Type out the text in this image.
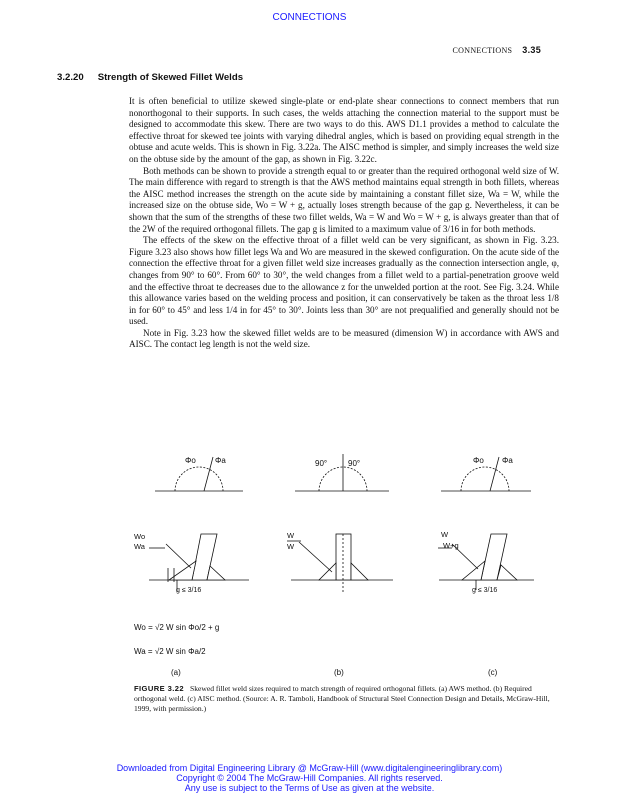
CONNECTIONS
CONNECTIONS 3.35
3.2.20 Strength of Skewed Fillet Welds

It is often beneficial to utilize skewed single-plate or end-plate shear connections to connect members that run nonorthogonal to their supports. In such cases, the welds attaching the connection material to the support must be designed to accommodate this skew. There are two ways to do this. AWS D1.1 provides a method to calculate the effective throat for skewed tee joints with varying dihedral angles, which is based on providing equal strength in the obtuse and acute welds. This is shown in Fig. 3.22a. The AISC method is simpler, and simply increases the weld size on the obtuse side by the amount of the gap, as shown in Fig. 3.22c.

Both methods can be shown to provide a strength equal to or greater than the required orthogonal weld size of W. The main difference with regard to strength is that the AWS method maintains equal strength in both fillets, whereas the AISC method increases the strength on the acute side by maintaining a constant fillet size, Wa = W, while the increased size on the obtuse side, Wo = W + g, actually loses strength because of the gap g. Nevertheless, it can be shown that the sum of the strengths of these two fillet welds, Wa = W and Wo = W + g, is always greater than that of the 2W of the required orthogonal fillets. The gap g is limited to a maximum value of 3/16 in for both methods.

The effects of the skew on the effective throat of a fillet weld can be very significant, as shown in Fig. 3.23. Figure 3.23 also shows how fillet legs Wa and Wo are measured in the skewed configuration. On the acute side of the connection the effective throat for a given fillet weld size increases gradually as the connection intersection angle, φ, changes from 90° to 60°. From 60° to 30°, the weld changes from a fillet weld to a partial-penetration groove weld and the effective throat te decreases due to the allowance z for the unwelded portion at the root. See Fig. 3.24. While this allowance varies based on the welding process and position, it can conservatively be taken as the throat less 1/8 in for 60° to 45° and less 1/4 in for 45° to 30°. Joints less than 30° are not prequalified and generally should not be used.

Note in Fig. 3.23 how the skewed fillet welds are to be measured (dimension W) in accordance with AWS and AISC. The contact leg length is not the weld size.

Φo Φa	90°	90°	Φo Φa
Wo
Wa
g ≤ 3/16
W
W
W
W+g
g ≤ 3/16
Wo = √2 W sin Φo/2 + g
Wa = √2 W sin Φa/2
(a)	(b)	(c)
FIGURE 3.22 Skewed fillet weld sizes required to match strength of required orthogonal fillets. (a) AWS method. (b) Required orthogonal weld. (c) AISC method. (Source: A. R. Tamboli, Handbook of Structural Steel Connection Design and Details, McGraw-Hill, 1999, with permission.)
Downloaded from Digital Engineering Library @ McGraw-Hill (www.digitalengineeringlibrary.com)
Copyright © 2004 The McGraw-Hill Companies. All rights reserved.
Any use is subject to the Terms of Use as given at the website.
